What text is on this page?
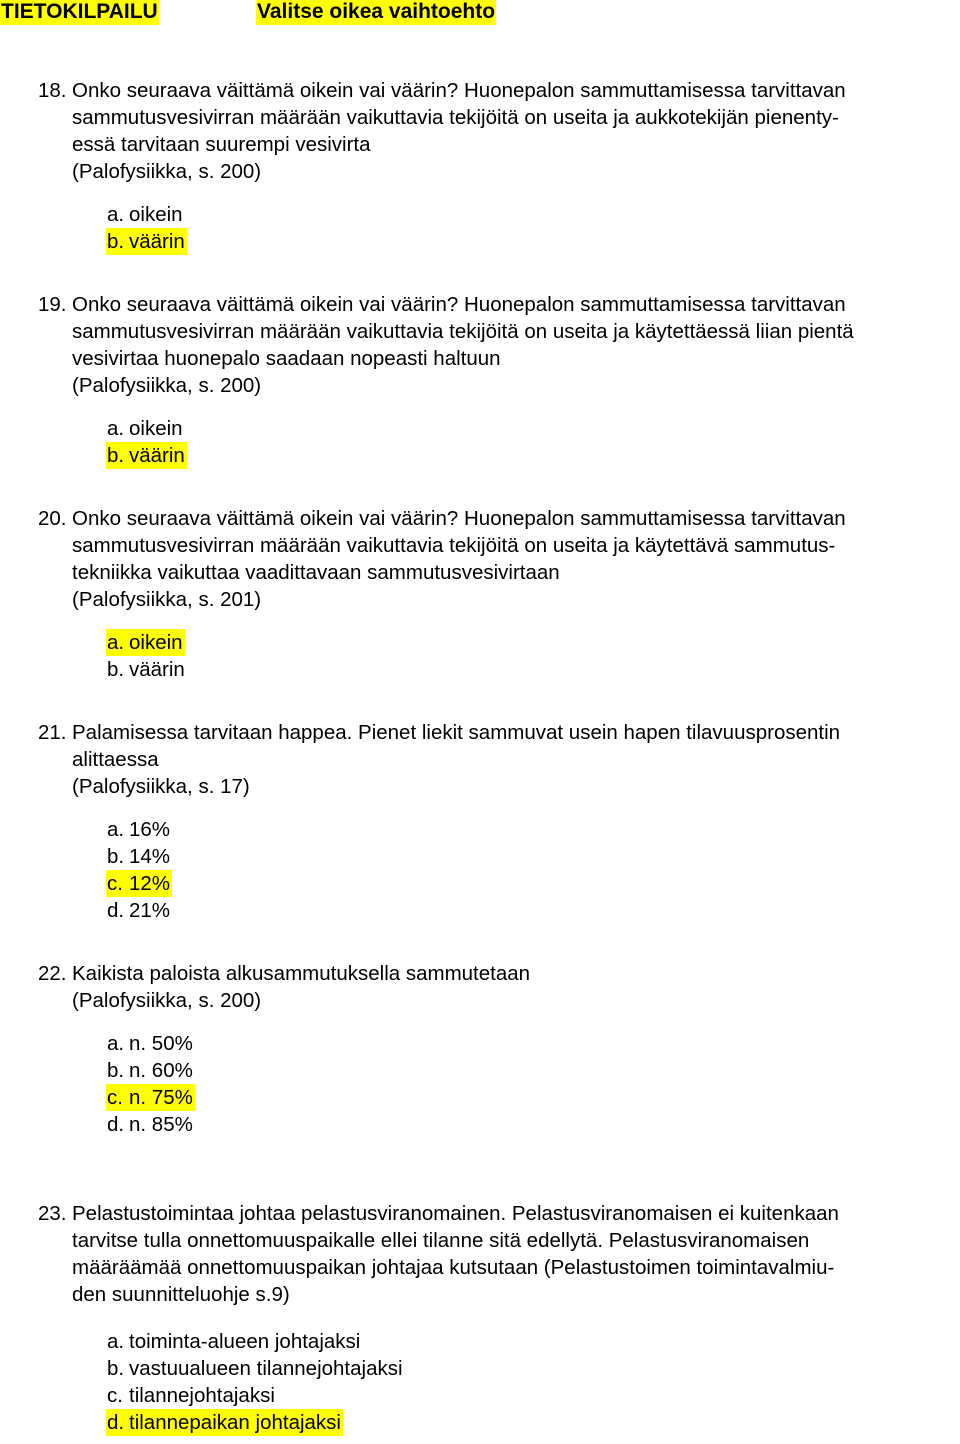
TIETOKILPAILU	Valitse oikea vaihtoehto
18. Onko seuraava väittämä oikein vai väärin? Huonepalon sammuttamisessa tarvittavan
sammutusvesivirran määrään vaikuttavia tekijöitä on useita ja aukkotekijän pienenty-
essä tarvitaan suurempi vesivirta
(Palofysiikka, s. 200)
a. oikein
b. väärin
19. Onko seuraava väittämä oikein vai väärin? Huonepalon sammuttamisessa tarvittavan
sammutusvesivirran määrään vaikuttavia tekijöitä on useita ja käytettäessä liian pientä
vesivirtaa huonepalo saadaan nopeasti haltuun
(Palofysiikka, s. 200)
a. oikein
b. väärin
20. Onko seuraava väittämä oikein vai väärin? Huonepalon sammuttamisessa tarvittavan
sammutusvesivirran määrään vaikuttavia tekijöitä on useita ja käytettävä sammutus-
tekniikka vaikuttaa vaadittavaan sammutusvesivirtaan
(Palofysiikka, s. 201)
a. oikein
b. väärin
21. Palamisessa tarvitaan happea. Pienet liekit sammuvat usein hapen tilavuusprosentin
alittaessa
(Palofysiikka, s. 17)
a. 16%
b. 14%
c. 12%
d. 21%
22. Kaikista paloista alkusammutuksella sammutetaan
(Palofysiikka, s. 200)
a. n. 50%
b. n. 60%
c. n. 75%
d. n. 85%
23. Pelastustoimintaa johtaa pelastusviranomainen. Pelastusviranomaisen ei kuitenkaan
tarvitse tulla onnettomuuspaikalle ellei tilanne sitä edellytä. Pelastusviranomaisen
määräämää onnettomuuspaikan johtajaa kutsutaan (Pelastustoimen toimintavalmiu-
den suunnitteluohje s.9)
a. toiminta-alueen johtajaksi
b. vastuualueen tilannejohtajaksi
c. tilannejohtajaksi
d. tilannepaikan johtajaksi
